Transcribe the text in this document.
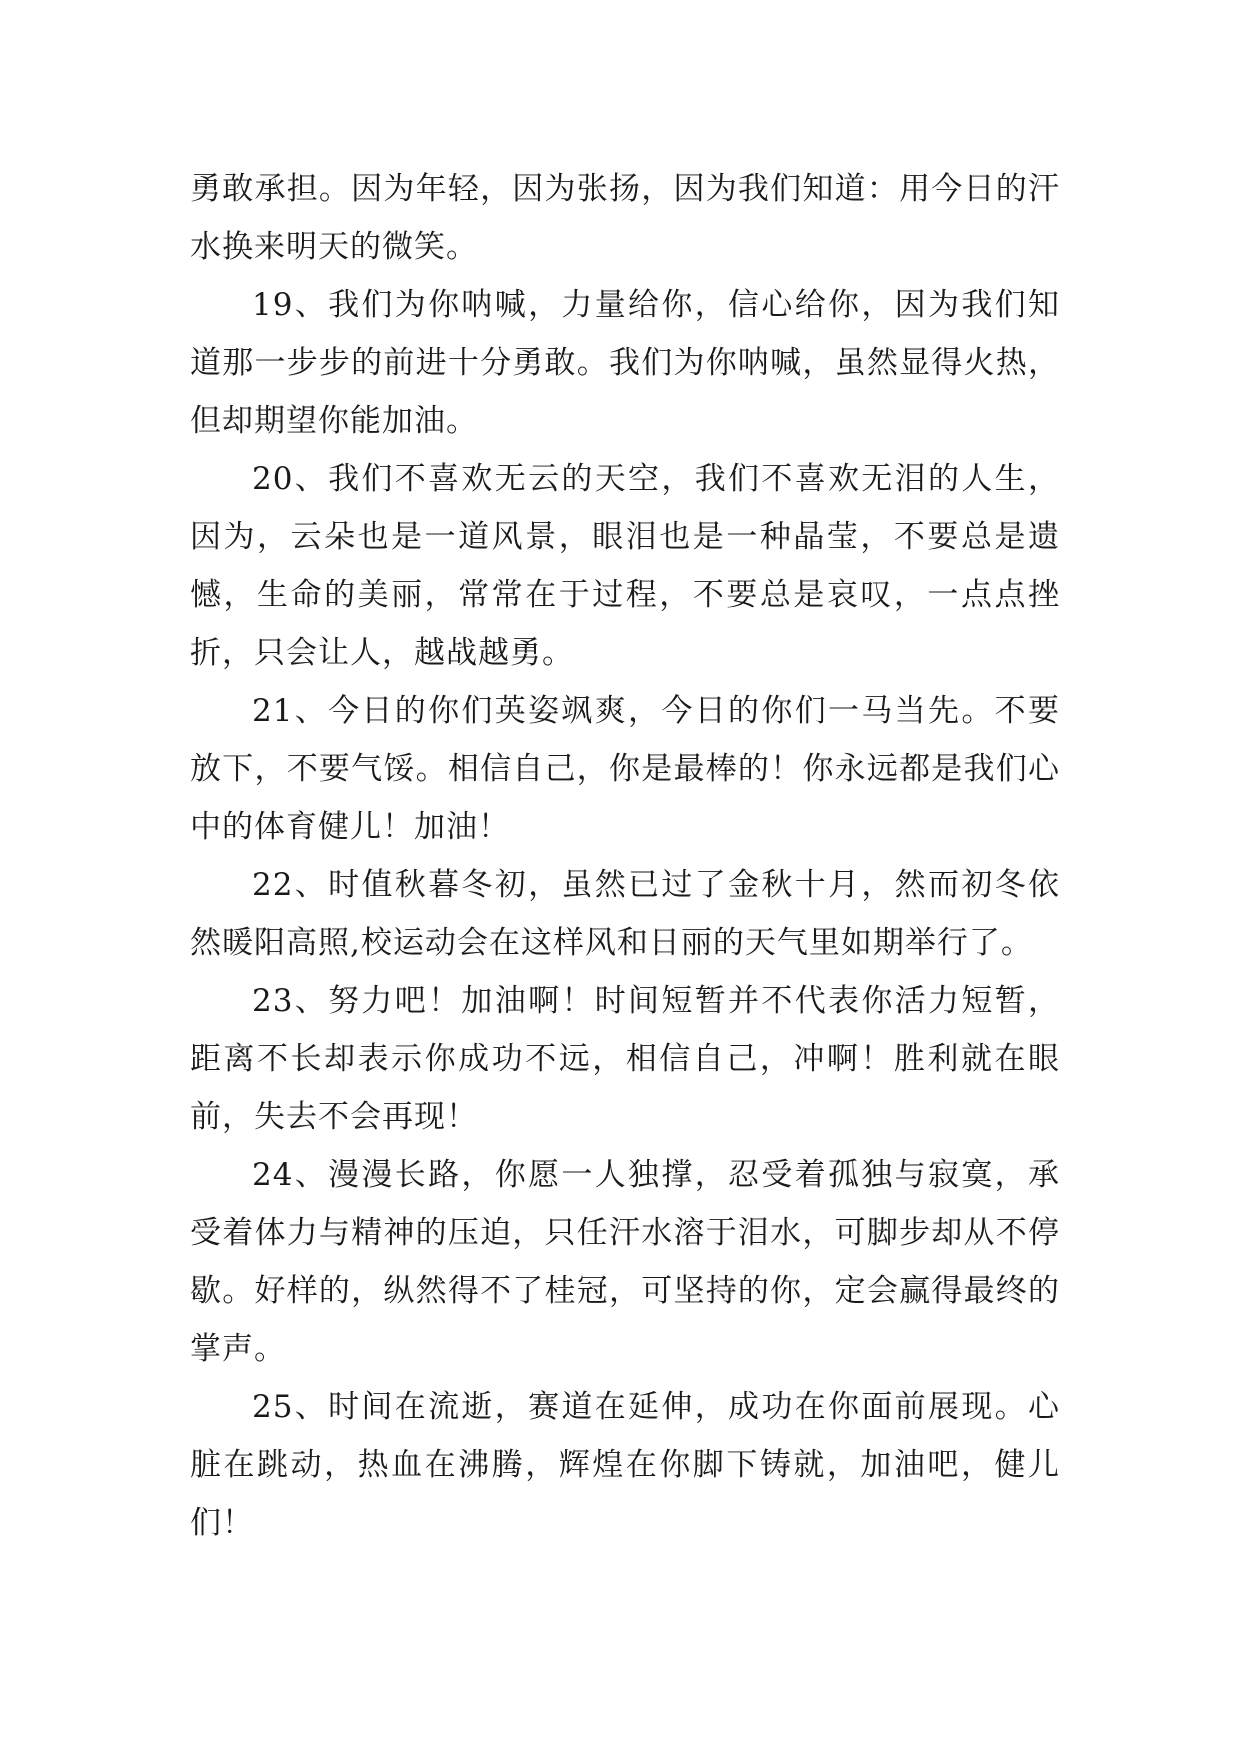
勇敢承担。因为年轻，因为张扬，因为我们知道：用今日的汗水换来明天的微笑。

19、我们为你呐喊，力量给你，信心给你，因为我们知道那一步步的前进十分勇敢。我们为你呐喊，虽然显得火热，但却期望你能加油。

20、我们不喜欢无云的天空，我们不喜欢无泪的人生，因为，云朵也是一道风景，眼泪也是一种晶莹，不要总是遗憾，生命的美丽，常常在于过程，不要总是哀叹，一点点挫折，只会让人，越战越勇。

21、今日的你们英姿飒爽，今日的你们一马当先。不要放下，不要气馁。相信自己，你是最棒的！你永远都是我们心中的体育健儿！加油！

22、时值秋暮冬初，虽然已过了金秋十月，然而初冬依然暖阳高照,校运动会在这样风和日丽的天气里如期举行了。

23、努力吧！加油啊！时间短暂并不代表你活力短暂，距离不长却表示你成功不远，相信自己，冲啊！胜利就在眼前，失去不会再现！

24、漫漫长路，你愿一人独撑，忍受着孤独与寂寞，承受着体力与精神的压迫，只任汗水溶于泪水，可脚步却从不停歇。好样的，纵然得不了桂冠，可坚持的你，定会赢得最终的掌声。

25、时间在流逝，赛道在延伸，成功在你面前展现。心脏在跳动，热血在沸腾，辉煌在你脚下铸就，加油吧，健儿们！
